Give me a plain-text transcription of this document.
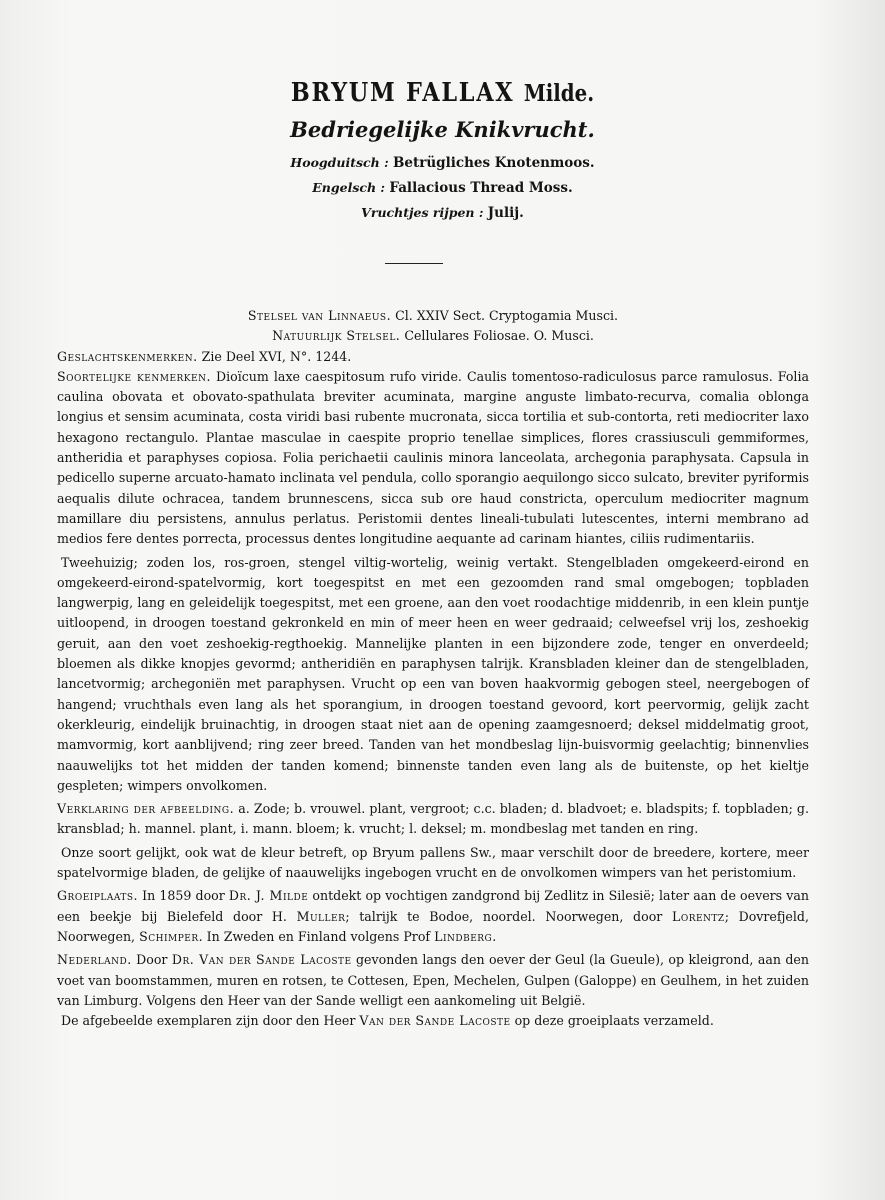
BRYUM FALLAX Milde.
Bedriegelijke Knikvrucht.
Hoogduitsch : Betrügliches Knotenmoos.
Engelsch : Fallacious Thread Moss.
Vruchtjes rijpen : Julij.

Stelsel van Linnaeus. Cl. XXIV Sect. Cryptogamia Musci.

Natuurlijk Stelsel. Cellulares Foliosae. O. Musci.

Geslachtskenmerken. Zie Deel XVI, N°. 1244.

Soortelijke kenmerken. Dioïcum laxe caespitosum rufo viride. Caulis tomentoso-radiculosus parce ramulosus. Folia caulina obovata et obovato-spathulata breviter acuminata, margine anguste limbato-recurva, comalia oblonga longius et sensim acuminata, costa viridi basi rubente mucronata, sicca tortilia et sub-contorta, reti mediocriter laxo hexagono rectangulo. Plantae masculae in caespite proprio tenellae simplices, flores crassiusculi gemmiformes, antheridia et paraphyses copiosa. Folia perichaetii caulinis minora lanceolata, archegonia paraphysata. Capsula in pedicello superne arcuato-hamato inclinata vel pendula, collo sporangio aequilongo sicco sulcato, breviter pyriformis aequalis dilute ochracea, tandem brunnescens, sicca sub ore haud constricta, operculum mediocriter magnum mamillare diu persistens, annulus perlatus. Peristomii dentes lineali-tubulati lutescentes, interni membrano ad medios fere dentes porrecta, processus dentes longitudine aequante ad carinam hiantes, ciliis rudimentariis.

Tweehuizig; zoden los, ros-groen, stengel viltig-wortelig, weinig vertakt. Stengelbladen omgekeerd-eirond en omgekeerd-eirond-spatelvormig, kort toegespitst en met een gezoomden rand smal omgebogen; topbladen langwerpig, lang en geleidelijk toegespitst, met een groene, aan den voet roodachtige middenrib, in een klein puntje uitloopend, in droogen toestand gekronkeld en min of meer heen en weer gedraaid; celweefsel vrij los, zeshoekig geruit, aan den voet zeshoekig-regthoekig. Mannelijke planten in een bijzondere zode, tenger en onverdeeld; bloemen als dikke knopjes gevormd; antheridiën en paraphysen talrijk. Kransbladen kleiner dan de stengelbladen, lancetvormig; archegoniën met paraphysen. Vrucht op een van boven haakvormig gebogen steel, neergebogen of hangend; vruchthals even lang als het sporangium, in droogen toestand gevoord, kort peervormig, gelijk zacht okerkleurig, eindelijk bruinachtig, in droogen staat niet aan de opening zaamgesnoerd; deksel middelmatig groot, mamvormig, kort aanblijvend; ring zeer breed. Tanden van het mondbeslag lijn-buisvormig geelachtig; binnenvlies naauwelijks tot het midden der tanden komend; binnenste tanden even lang als de buitenste, op het kieltje gespleten; wimpers onvolkomen.

Verklaring der afbeelding. a. Zode; b. vrouwel. plant, vergroot; c.c. bladen; d. bladvoet; e. bladspits; f. topbladen; g. kransblad; h. mannel. plant, i. mann. bloem; k. vrucht; l. deksel; m. mondbeslag met tanden en ring.

Onze soort gelijkt, ook wat de kleur betreft, op Bryum pallens Sw., maar verschilt door de breedere, kortere, meer spatelvormige bladen, de gelijke of naauwelijks ingebogen vrucht en de onvolkomen wimpers van het peristomium.

Groeiplaats. In 1859 door Dr. J. Milde ontdekt op vochtigen zandgrond bij Zedlitz in Silesië; later aan de oevers van een beekje bij Bielefeld door H. Muller; talrijk te Bodoe, noordel. Noorwegen, door Lorentz; Dovrefjeld, Noorwegen, Schimper. In Zweden en Finland volgens Prof Lindberg.

Nederland. Door Dr. Van der Sande Lacoste gevonden langs den oever der Geul (la Gueule), op kleigrond, aan den voet van boomstammen, muren en rotsen, te Cottesen, Epen, Mechelen, Gulpen (Galoppe) en Geulhem, in het zuiden van Limburg. Volgens den Heer van der Sande welligt een aankomeling uit België.

De afgebeelde exemplaren zijn door den Heer Van der Sande Lacoste op deze groeiplaats verzameld.
